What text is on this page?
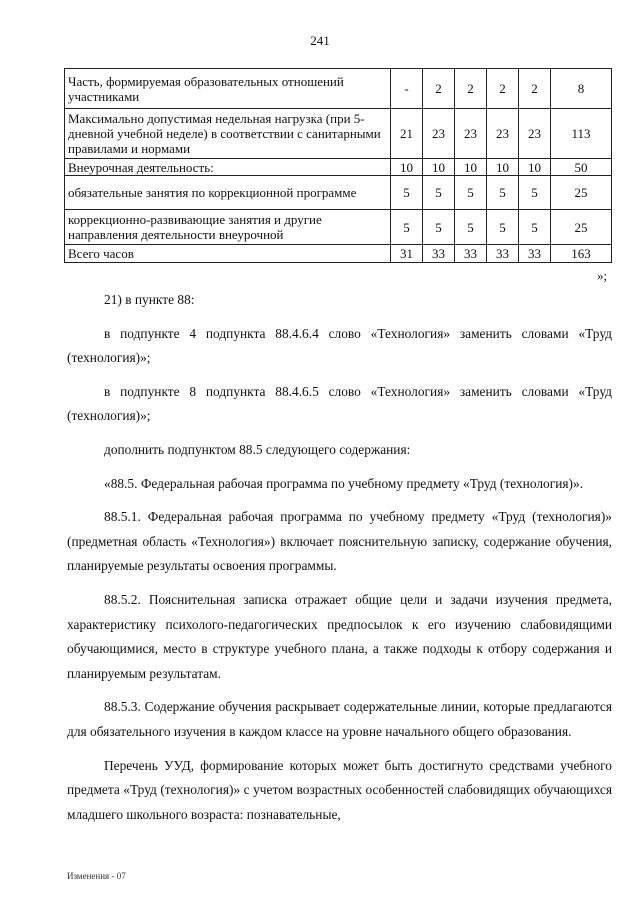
241
Часть, формируемая образовательных отношений участниками	-	2	2	2	2	8
Максимально допустимая недельная нагрузка (при 5-дневной учебной неделе) в соответствии с санитарными правилами и нормами	21	23	23	23	23	113
Внеурочная деятельность:	10	10	10	10	10	50
обязательные занятия по коррекционной программе	5	5	5	5	5	25
коррекционно-развивающие занятия и другие направления деятельности внеурочной	5	5	5	5	5	25
Всего часов	31	33	33	33	33	163
»;

21) в пункте 88:

в подпункте 4 подпункта 88.4.6.4 слово «Технология» заменить словами «Труд (технология)»;

в подпункте 8 подпункта 88.4.6.5 слово «Технология» заменить словами «Труд (технология)»;

дополнить подпунктом 88.5 следующего содержания:

«88.5. Федеральная рабочая программа по учебному предмету «Труд (технология)».

88.5.1. Федеральная рабочая программа по учебному предмету «Труд (технология)» (предметная область «Технология») включает пояснительную записку, содержание обучения, планируемые результаты освоения программы.

88.5.2. Пояснительная записка отражает общие цели и задачи изучения предмета, характеристику психолого-педагогических предпосылок к его изучению слабовидящими обучающимися, место в структуре учебного плана, а также подходы к отбору содержания и планируемым результатам.

88.5.3. Содержание обучения раскрывает содержательные линии, которые предлагаются для обязательного изучения в каждом классе на уровне начального общего образования.

Перечень УУД, формирование которых может быть достигнуто средствами учебного предмета «Труд (технология)» с учетом возрастных особенностей слабовидящих обучающихся младшего школьного возраста: познавательные,

Изменения - 07
